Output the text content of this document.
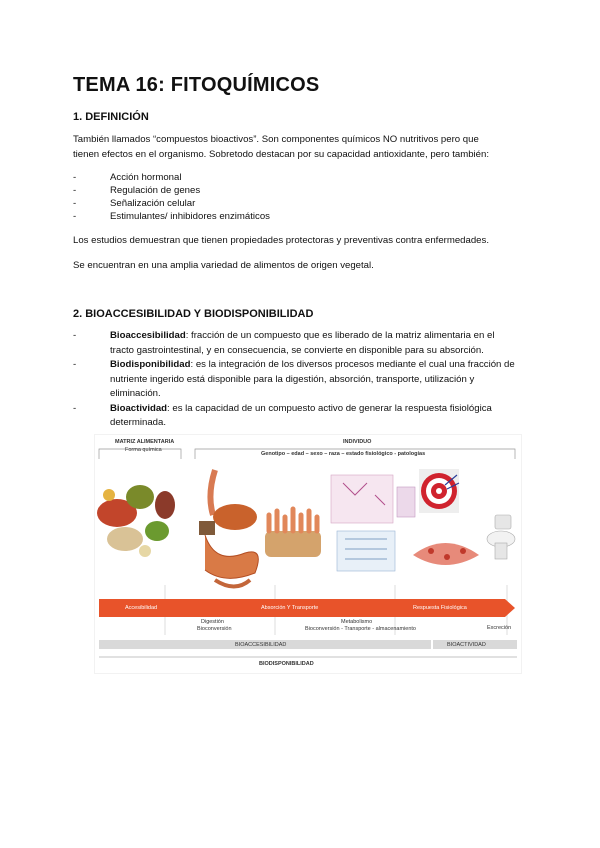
TEMA 16: FITOQUÍMICOS
1. DEFINICIÓN

También llamados “compuestos bioactivos”. Son componentes químicos NO nutritivos pero que

tienen efectos en el organismo. Sobretodo destacan por su capacidad antioxidante, pero también:

-	Acción hormonal
-	Regulación de genes
-	Señalización celular
-	Estimulantes/ inhibidores enzimáticos

Los estudios demuestran que tienen propiedades protectoras y preventivas contra enfermedades.

Se encuentran en una amplia variedad de alimentos de origen vegetal.

2. BIOACCESIBILIDAD Y BIODISPONIBILIDAD
-	Bioaccesibilidad: fracción de un compuesto que es liberado de la matriz alimentaria en el
tracto gastrointestinal, y en consecuencia, se convierte en disponible para su absorción.
-	Biodisponibilidad: es la integración de los diversos procesos mediante el cual una fracción de
nutriente ingerido está disponible para la digestión, absorción, transporte, utilización y
eliminación.
-	Bioactividad: es la capacidad de un compuesto activo de generar la respuesta fisiológica
determinada.
MATRIZ ALIMENTARIA
Forma química
INDIVIDUO
Genotipo – edad – sexo – raza – estado fisiológico - patologías
Accesibilidad	Absorción Y Transporte	Respuesta Fisiológica
Digestión
Bioconversión
Metabolismo
Bioconversión - Transporte - almacenamiento	Excreción
BIOACCESIBILIDAD	BIOACTIVIDAD
BIODISPONIBILIDAD
